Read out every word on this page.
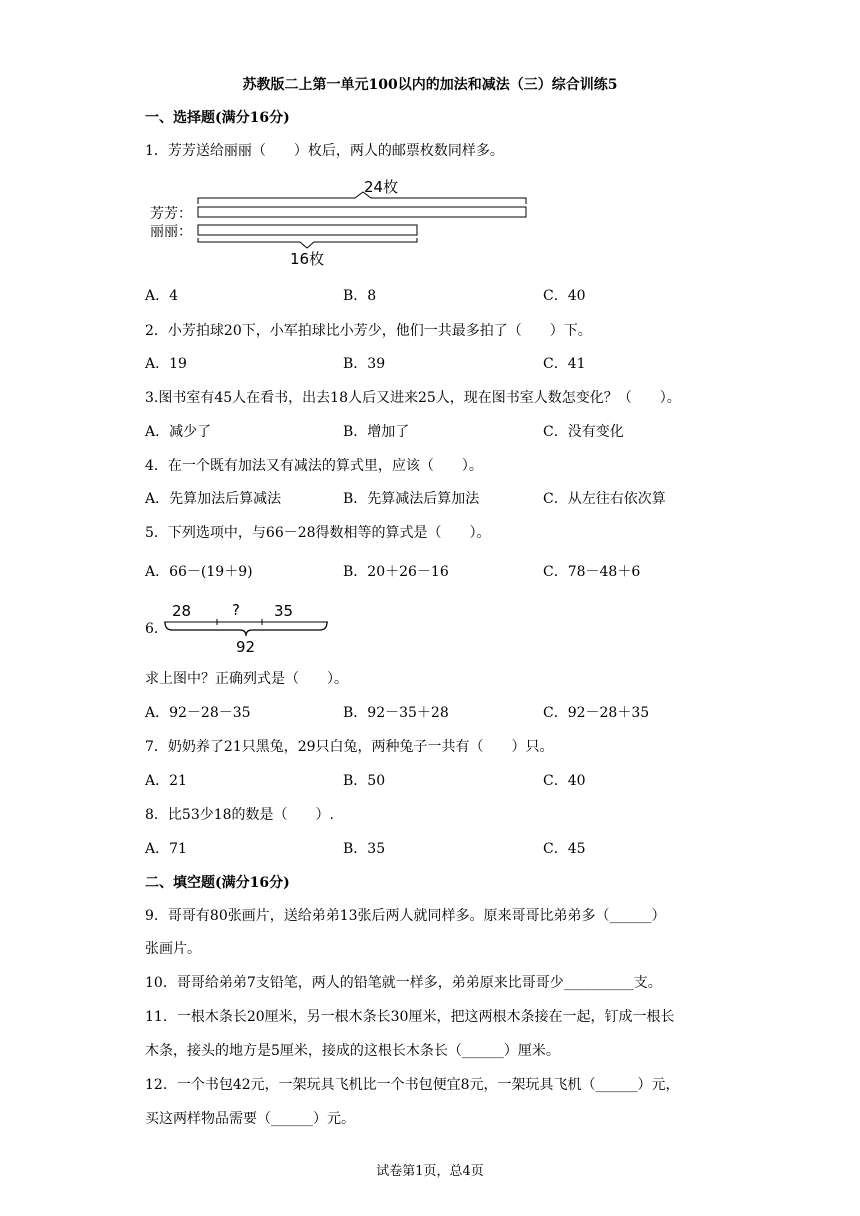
苏教版二上第一单元100以内的加法和减法（三）综合训练5
一、选择题(满分16分)
1．芳芳送给丽丽（　　）枚后，两人的邮票枚数同样多。
24枚
芳芳：
丽丽：
16枚
A．4	B．8	C．40
2．小芳拍球20下，小军拍球比小芳少，他们一共最多拍了（　　）下。
A．19	B．39	C．41
3.图书室有45人在看书，出去18人后又进来25人，现在图书室人数怎变化？（　　）。
A．减少了	B．增加了	C．没有变化
4．在一个既有加法又有减法的算式里，应该（　　）。
A．先算加法后算减法	B．先算减法后算加法	C．从左往右依次算
5．下列选项中，与66－28得数相等的算式是（　　）。
A．66－(19＋9)	B．20＋26－16	C．78－48＋6
6．
28	? 35
92
求上图中？正确列式是（　　）。
A．92－28－35	B．92－35＋28	C．92－28＋35
7．奶奶养了21只黑兔，29只白兔，两种兔子一共有（　　）只。
A．21	B．50	C．40
8．比53少18的数是（　　）.
A．71	B．35	C．45
二、填空题(满分16分)
9．哥哥有80张画片，送给弟弟13张后两人就同样多。原来哥哥比弟弟多（______）
张画片。
10．哥哥给弟弟7支铅笔，两人的铅笔就一样多，弟弟原来比哥哥少__________支。
11．一根木条长20厘米，另一根木条长30厘米，把这两根木条接在一起，钉成一根长
木条，接头的地方是5厘米，接成的这根长木条长（______）厘米。
12．一个书包42元，一架玩具飞机比一个书包便宜8元，一架玩具飞机（______）元，
买这两样物品需要（______）元。
试卷第1页，总4页
